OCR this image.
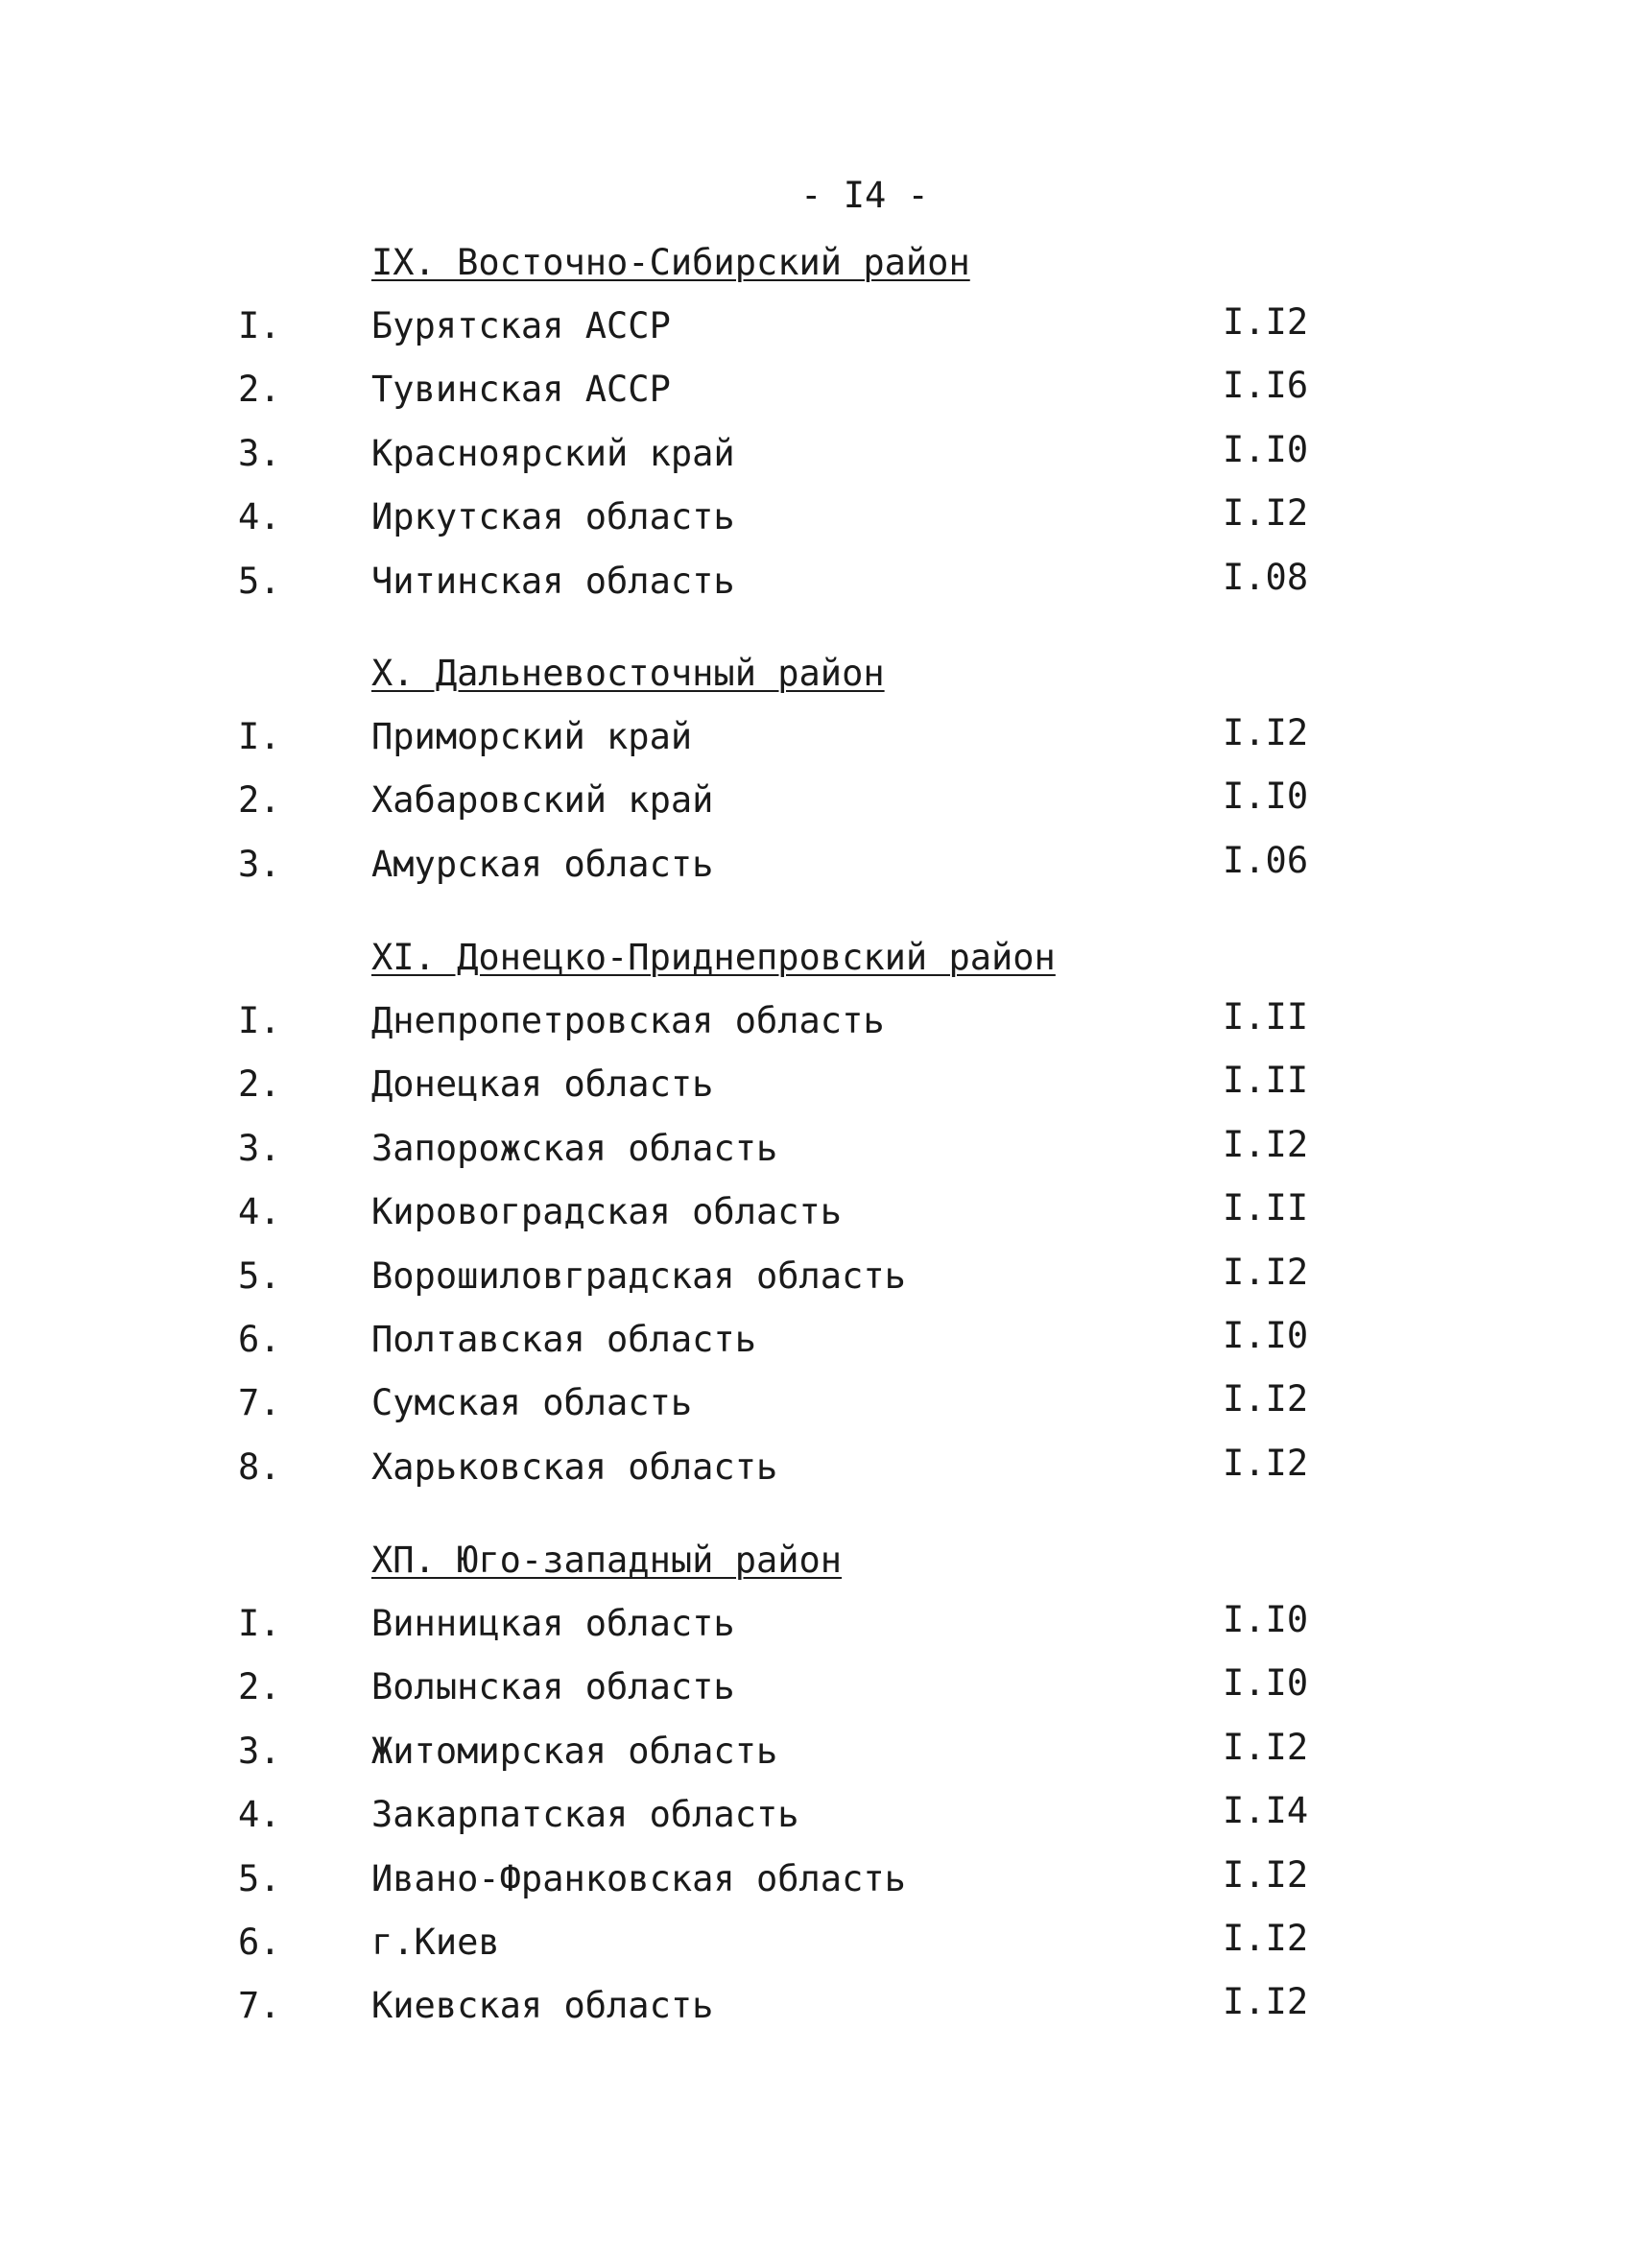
- I4 -
IX. Восточно-Сибирский район
I.	Бурятская АССР	I.I2
2.	Тувинская АССР	I.I6
3.	Красноярский край	I.I0
4.	Иркутская область	I.I2
5.	Читинская область	I.08
X. Дальневосточный район
I.	Приморский край	I.I2
2.	Хабаровский край	I.I0
3.	Амурская область	I.06
XI. Донецко-Приднепровский район
I.	Днепропетровская область	I.II
2.	Донецкая область	I.II
3.	Запорожская область	I.I2
4.	Кировоградская область	I.II
5.	Ворошиловградская область	I.I2
6.	Полтавская область	I.I0
7.	Сумская область	I.I2
8.	Харьковская область	I.I2
XП. Юго-западный район
I.	Винницкая область	I.I0
2.	Волынская область	I.I0
3.	Житомирская область	I.I2
4.	Закарпатская область	I.I4
5.	Ивано-Франковская область	I.I2
6.	г.Киев	I.I2
7.	Киевская область	I.I2
